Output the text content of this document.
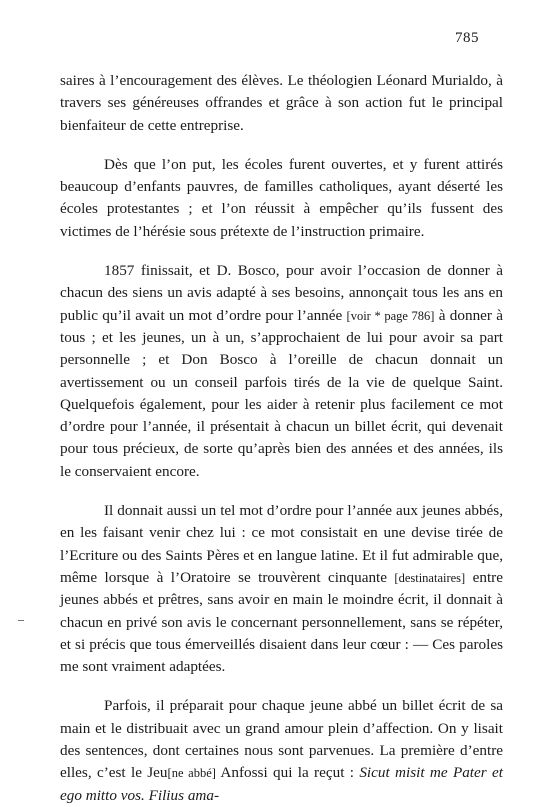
785

saires à l’encouragement des élèves. Le théologien Léonard Murialdo, à travers ses généreuses offrandes et grâce à son action fut le principal bienfaiteur de cette entreprise.

Dès que l’on put, les écoles furent ouvertes, et y furent attirés beaucoup d’enfants pauvres, de familles catholiques, ayant déserté les écoles protestantes ; et l’on réussit à empêcher qu’ils fussent des victimes de l’hérésie sous prétexte de l’instruction primaire.

1857 finissait, et D. Bosco, pour avoir l’occasion de donner à chacun des siens un avis adapté à ses besoins, annonçait tous les ans en public qu’il avait un mot d’ordre pour l’année [voir * page 786] à donner à tous ; et les jeunes, un à un, s’approchaient de lui pour avoir sa part personnelle ; et Don Bosco à l’oreille de chacun donnait un avertissement ou un conseil parfois tirés de la vie de quelque Saint. Quelquefois également, pour les aider à retenir plus facilement ce mot d’ordre pour l’année, il présentait à chacun un billet écrit, qui devenait pour tous précieux, de sorte qu’après bien des années et des années, ils le conservaient encore.

Il donnait aussi un tel mot d’ordre pour l’année aux jeunes abbés, en les faisant venir chez lui : ce mot consistait en une devise tirée de l’Ecriture ou des Saints Pères et en langue latine. Et il fut admirable que, même lorsque à l’Oratoire se trouvèrent cinquante [destinataires] entre jeunes abbés et prêtres, sans avoir en main le moindre écrit, il donnait à chacun en privé son avis le concernant personnellement, sans se répéter, et si précis que tous émerveillés disaient dans leur cœur : — Ces paroles me sont vraiment adaptées.

Parfois, il préparait pour chaque jeune abbé un billet écrit de sa main et le distribuait avec un grand amour plein d’affection. On y lisait des sentences, dont certaines nous sont parvenues. La première d’entre elles, c’est le Jeu[ne abbé] Anfossi qui la reçut : Sicut misit me Pater et ego mitto vos. Filius ama-
